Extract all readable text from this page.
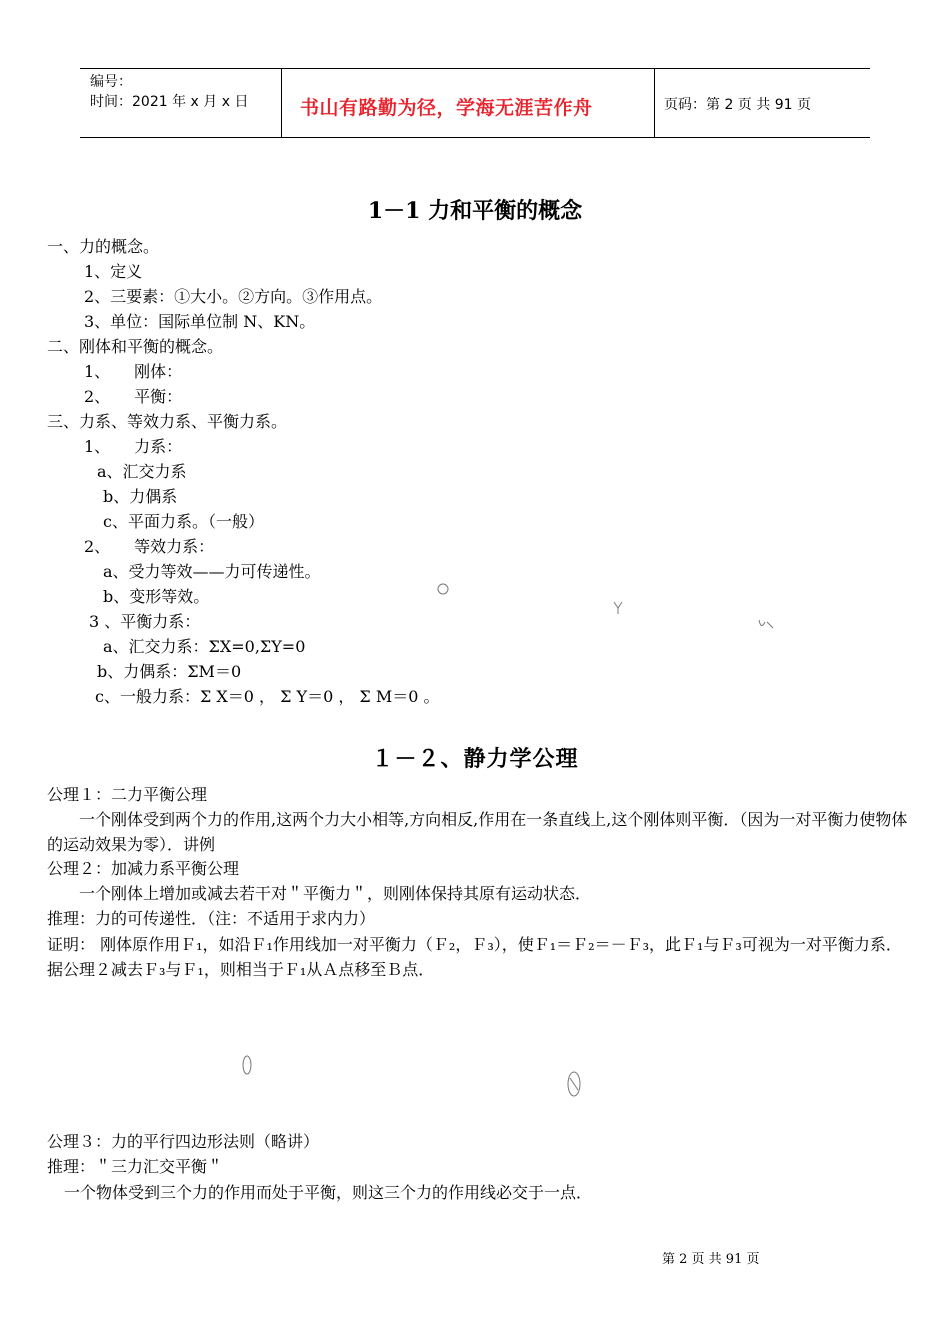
编号：
时间：2021 年 x 月 x 日	书山有路勤为径，学海无涯苦作舟	页码：第 2 页 共 91 页
1－1 力和平衡的概念
一、力的概念。
1、定义
2、三要素：①大小。②方向。③作用点。
3、单位：国际单位制 N、KN。
二、刚体和平衡的概念。
1、　　刚体：
2、　　平衡：
三、力系、等效力系、平衡力系。
1、　　力系：
a、汇交力系
b、力偶系
c、平面力系。（一般）
2、　　等效力系：
a、受力等效——力可传递性。
b、变形等效。
3 、平衡力系：
a、汇交力系：ΣX=0,ΣY=0
b、力偶系：ΣM＝0
c、一般力系：Σ X＝0 ， Σ Y＝0 ， Σ M＝0 。
１－２、静力学公理
公理１：二力平衡公理
一个刚体受到两个力的作用,这两个力大小相等,方向相反,作用在一条直线上,这个刚体则平衡．（因为一对平衡力使物体的运动效果为零）．讲例
公理２：加减力系平衡公理
一个刚体上增加或减去若干对＂平衡力＂，则刚体保持其原有运动状态．
推理：力的可传递性．（注：不适用于求内力）
证明： 刚体原作用Ｆ₁，如沿Ｆ₁作用线加一对平衡力（Ｆ₂，Ｆ₃），使Ｆ₁＝Ｆ₂＝－Ｆ₃，此Ｆ₁与Ｆ₃可视为一对平衡力系．据公理２减去Ｆ₃与Ｆ₁，则相当于Ｆ₁从Ａ点移至Ｂ点．
公理３：力的平行四边形法则（略讲）
推理：＂三力汇交平衡＂
一个物体受到三个力的作用而处于平衡，则这三个力的作用线必交于一点．
第 2 页 共 91 页
